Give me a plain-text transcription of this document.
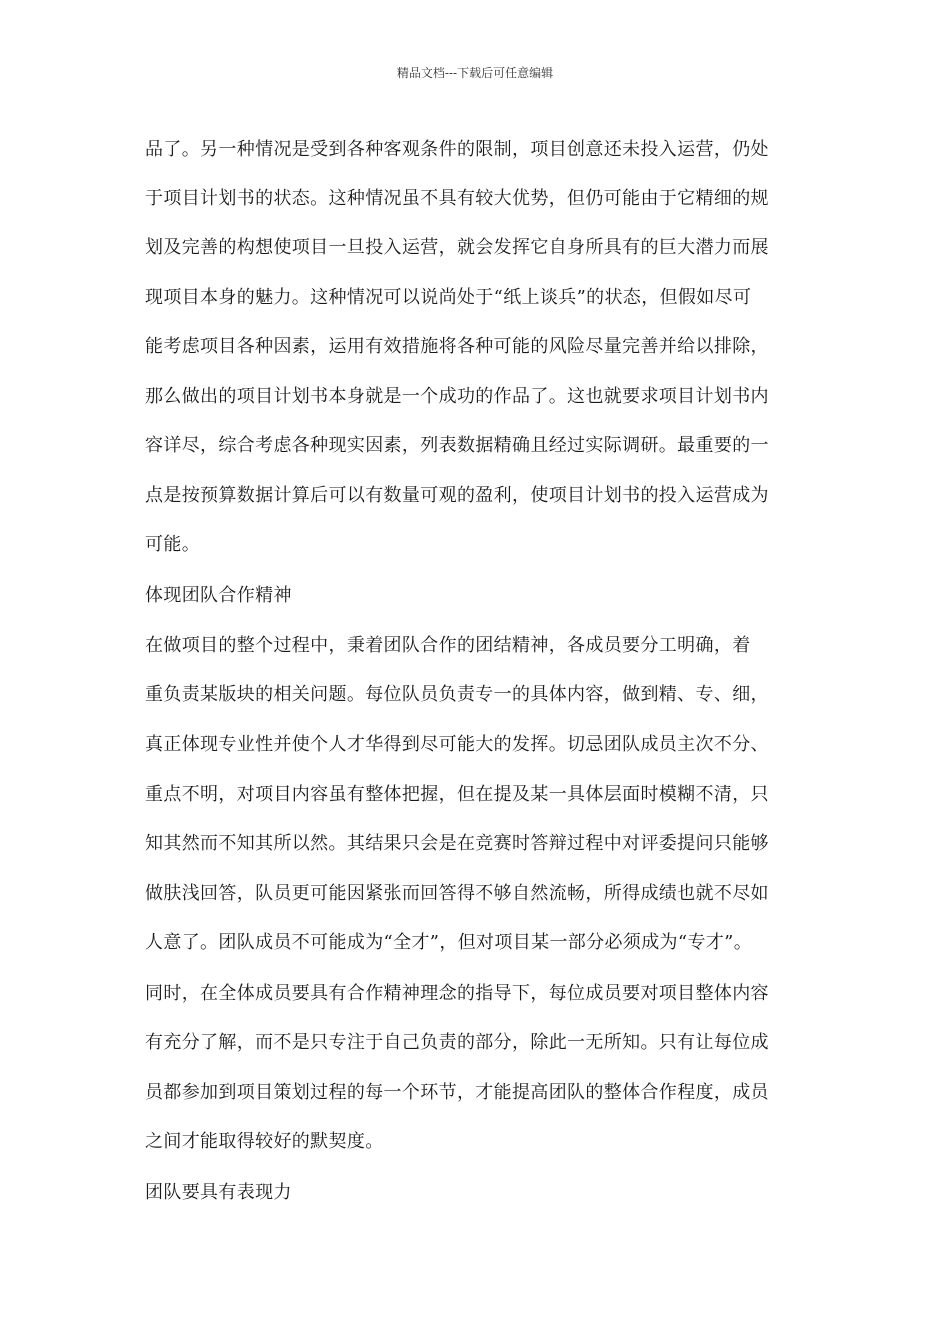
精品文档---下载后可任意编辑
品了。另一种情况是受到各种客观条件的限制，项目创意还未投入运营，仍处
于项目计划书的状态。这种情况虽不具有较大优势，但仍可能由于它精细的规
划及完善的构想使项目一旦投入运营，就会发挥它自身所具有的巨大潜力而展
现项目本身的魅力。这种情况可以说尚处于“纸上谈兵”的状态，但假如尽可
能考虑项目各种因素，运用有效措施将各种可能的风险尽量完善并给以排除，
那么做出的项目计划书本身就是一个成功的作品了。这也就要求项目计划书内
容详尽，综合考虑各种现实因素，列表数据精确且经过实际调研。最重要的一
点是按预算数据计算后可以有数量可观的盈利，使项目计划书的投入运营成为
可能。
体现团队合作精神
在做项目的整个过程中，秉着团队合作的团结精神，各成员要分工明确，着
重负责某版块的相关问题。每位队员负责专一的具体内容，做到精、专、细，
真正体现专业性并使个人才华得到尽可能大的发挥。切忌团队成员主次不分、
重点不明，对项目内容虽有整体把握，但在提及某一具体层面时模糊不清，只
知其然而不知其所以然。其结果只会是在竞赛时答辩过程中对评委提问只能够
做肤浅回答，队员更可能因紧张而回答得不够自然流畅，所得成绩也就不尽如
人意了。团队成员不可能成为“全才”，但对项目某一部分必须成为“专才”。
同时，在全体成员要具有合作精神理念的指导下，每位成员要对项目整体内容
有充分了解，而不是只专注于自己负责的部分，除此一无所知。只有让每位成
员都参加到项目策划过程的每一个环节，才能提高团队的整体合作程度，成员
之间才能取得较好的默契度。
团队要具有表现力
